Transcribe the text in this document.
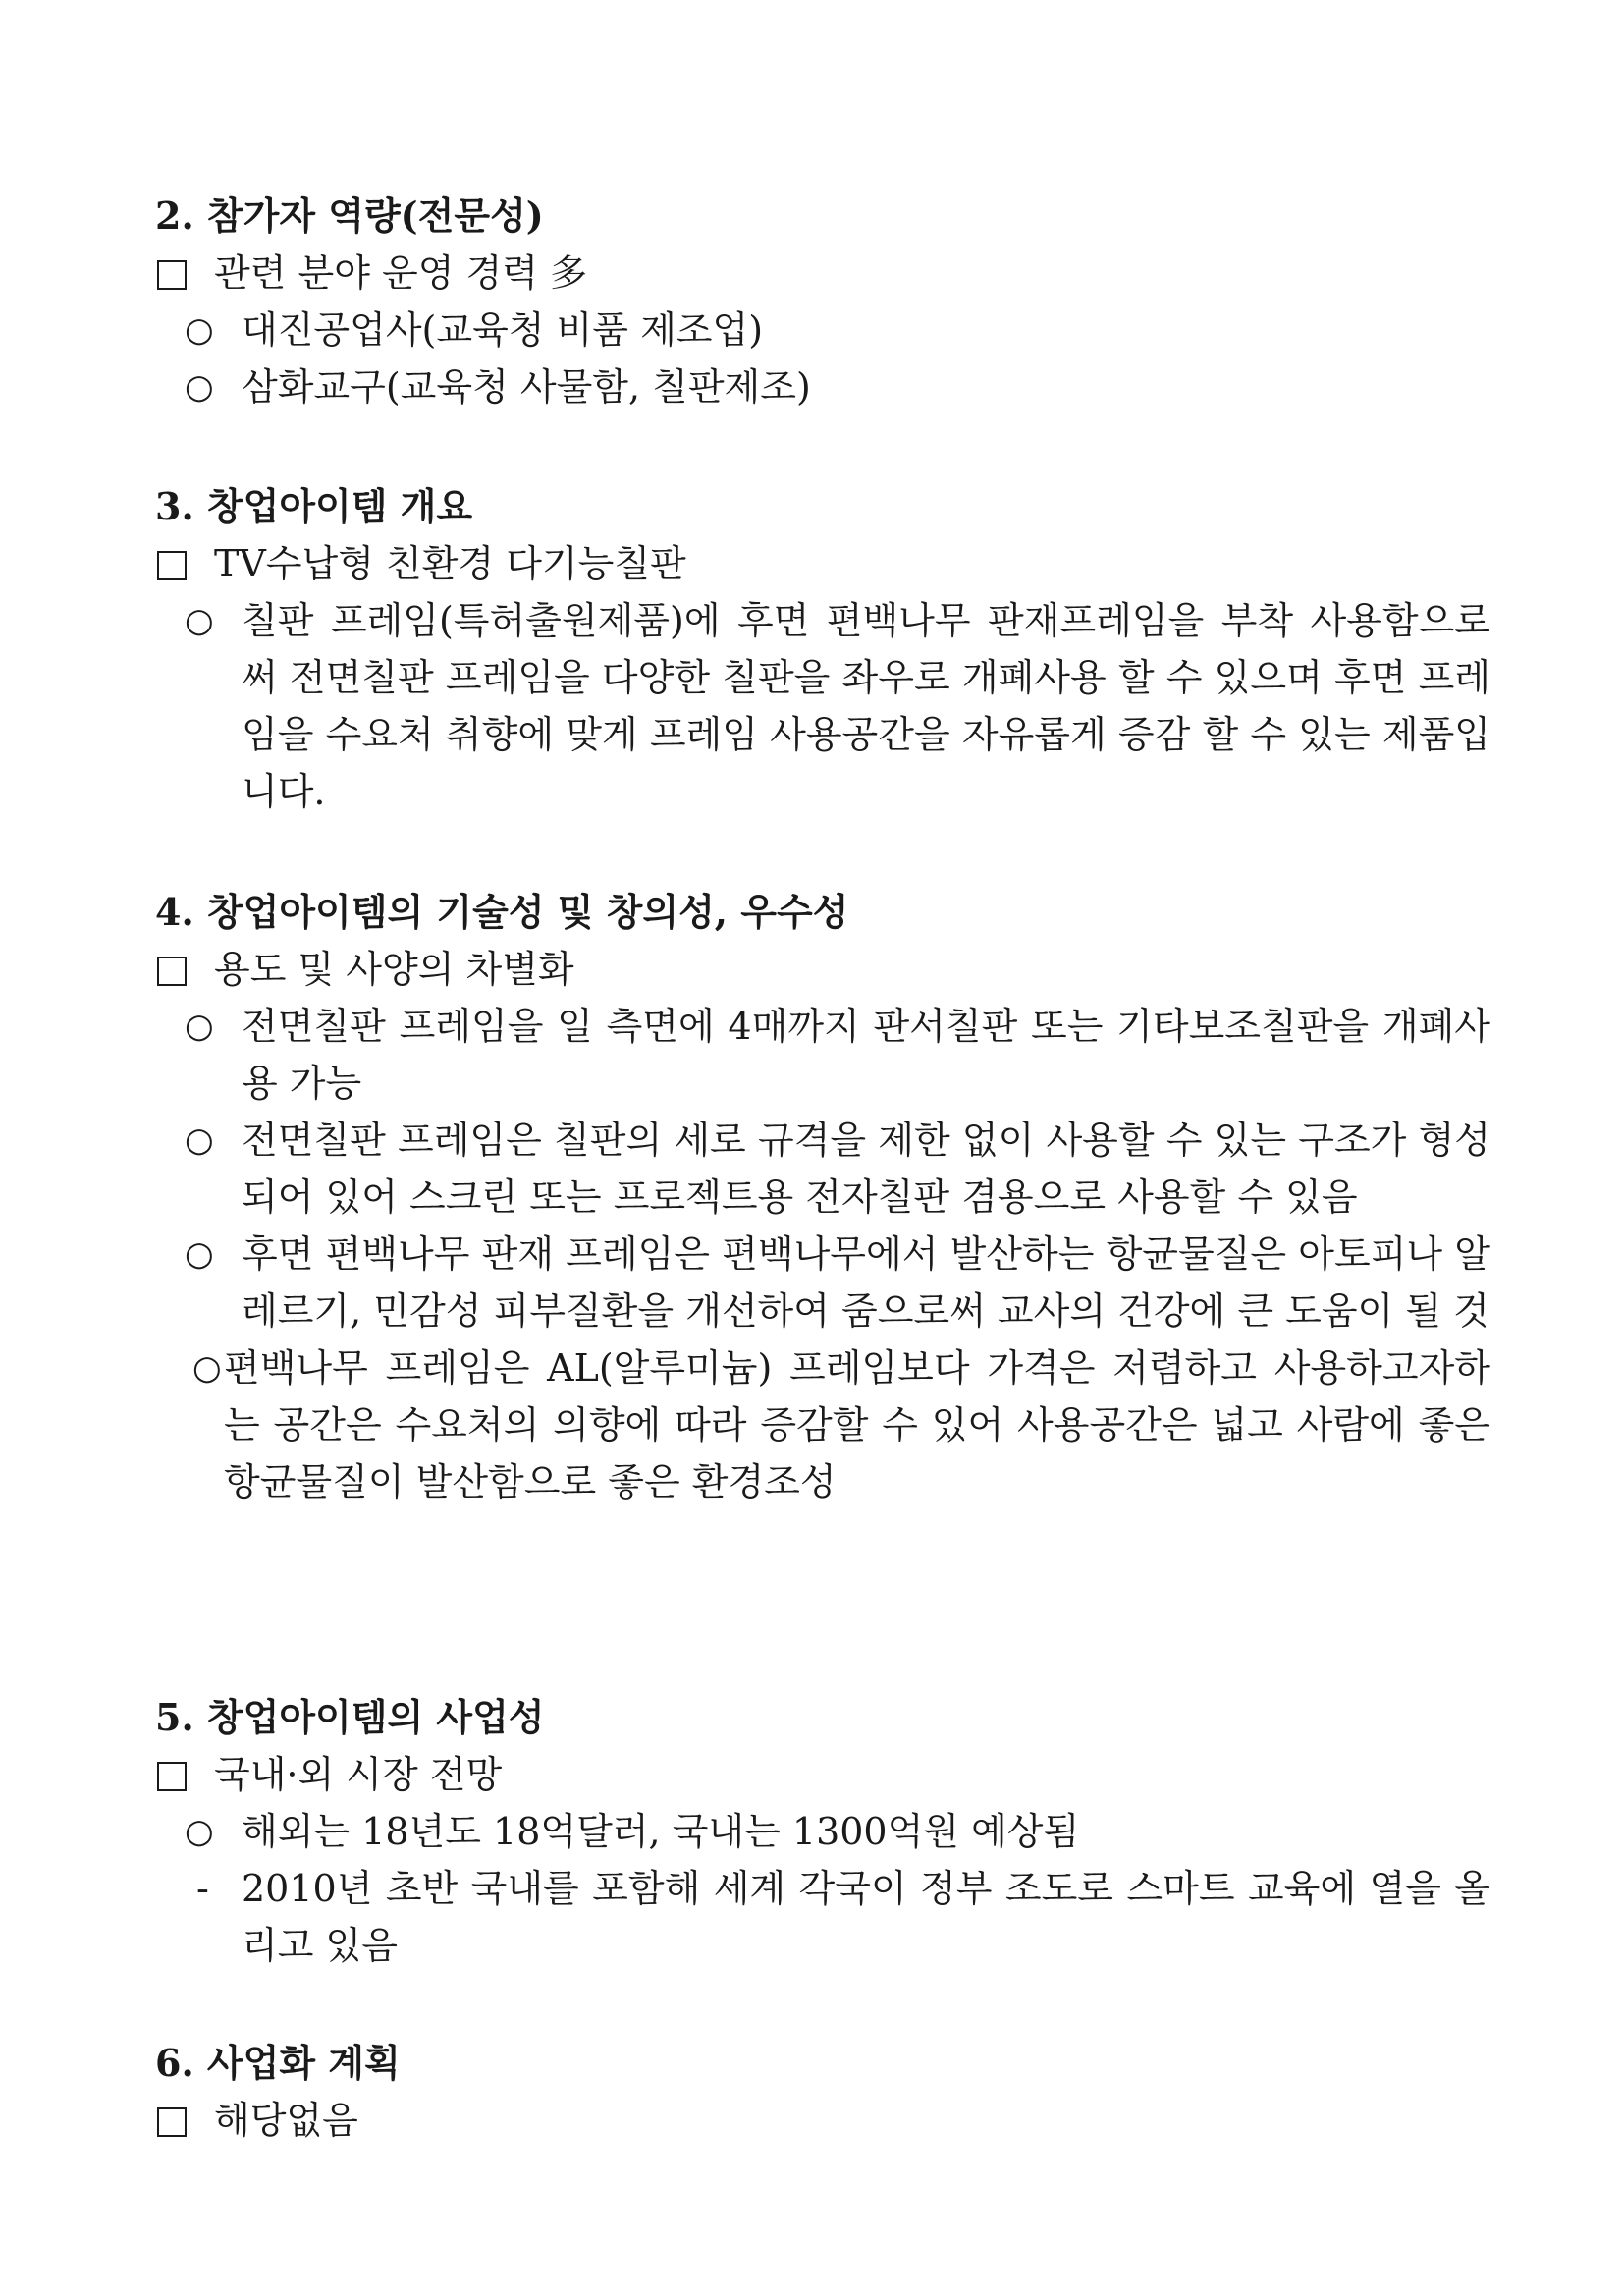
2. 참가자 역량(전문성)
관련 분야 운영 경력 多
○ 대진공업사(교육청 비품 제조업)
○ 삼화교구(교육청 사물함, 칠판제조)
3. 창업아이템 개요
TV수납형 친환경 다기능칠판
○ 칠판 프레임(특허출원제품)에 후면 편백나무 판재프레임을 부착 사용함으로써 전면칠판 프레임을 다양한 칠판을 좌우로 개폐사용 할 수 있으며 후면 프레임을 수요처 취향에 맞게 프레임 사용공간을 자유롭게 증감 할 수 있는 제품입니다.
4. 창업아이템의 기술성 및 창의성, 우수성
용도 및 사양의 차별화
○ 전면칠판 프레임을 일 측면에 4매까지 판서칠판 또는 기타보조칠판을 개폐사용 가능
○ 전면칠판 프레임은 칠판의 세로 규격을 제한 없이 사용할 수 있는 구조가 형성되어 있어 스크린 또는 프로젝트용 전자칠판 겸용으로 사용할 수 있음
○ 후면 편백나무 판재 프레임은 편백나무에서 발산하는 항균물질은 아토피나 알레르기, 민감성 피부질환을 개선하여 줌으로써 교사의 건강에 큰 도움이 될 것
○ 편백나무 프레임은 AL(알루미늄) 프레임보다 가격은 저렴하고 사용하고자하는 공간은 수요처의 의향에 따라 증감할 수 있어 사용공간은 넓고 사람에 좋은 항균물질이 발산함으로 좋은 환경조성
5. 창업아이템의 사업성
국내·외 시장 전망
○ 해외는 18년도 18억달러, 국내는 1300억원 예상됨
- 2010년 초반 국내를 포함해 세계 각국이 정부 조도로 스마트 교육에 열을 올리고 있음
6. 사업화 계획
해당없음
